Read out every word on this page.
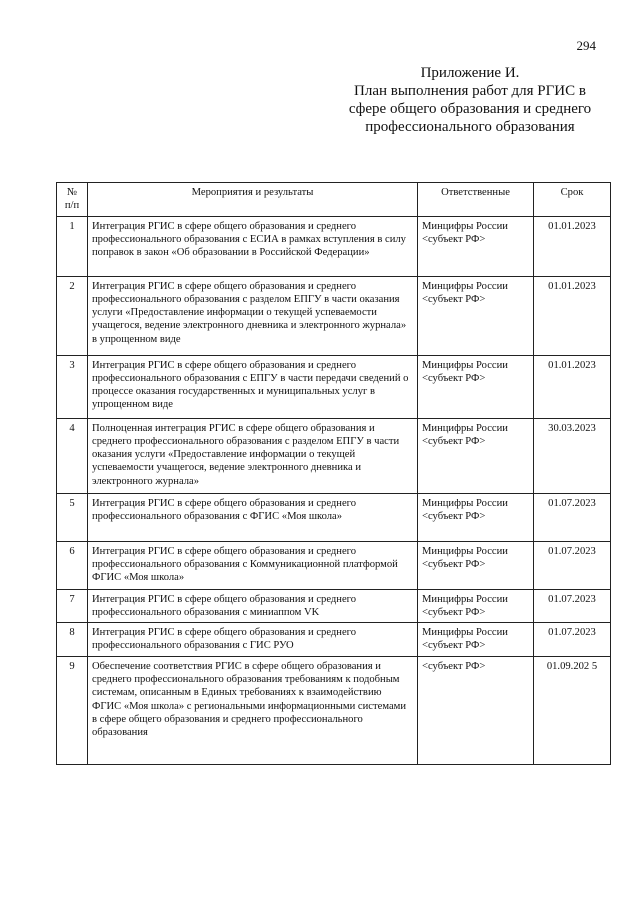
294
Приложение И.
План выполнения работ для РГИС в
сфере общего образования и среднего
профессионального образования
№
п/п	Мероприятия и результаты	Ответственные	Срок
1	Интеграция РГИС в сфере общего образования и среднего профессионального образования с ЕСИА в рамках вступления в силу поправок в закон «Об образовании в Российской Федерации»	Минцифры России <субъект РФ>	01.01.2023
2	Интеграция РГИС в сфере общего образования и среднего профессионального образования с разделом ЕПГУ в части оказания услуги «Предоставление информации о текущей успеваемости учащегося, ведение электронного дневника и электронного журнала» в упрощенном виде	Минцифры России <субъект РФ>	01.01.2023
3	Интеграция РГИС в сфере общего образования и среднего профессионального образования с ЕПГУ в части передачи сведений о процессе оказания государственных и муниципальных услуг в упрощенном виде	Минцифры России <субъект РФ>	01.01.2023
4	Полноценная интеграция РГИС в сфере общего образования и среднего профессионального образования с разделом ЕПГУ в части оказания услуги «Предоставление информации о текущей успеваемости учащегося, ведение электронного дневника и электронного журнала»	Минцифры России <субъект РФ>	30.03.2023
5	Интеграция РГИС в сфере общего образования и среднего профессионального образования с ФГИС «Моя школа»	Минцифры России <субъект РФ>	01.07.2023
6	Интеграция РГИС в сфере общего образования и среднего профессионального образования с Коммуникационной платформой ФГИС «Моя школа»	Минцифры России <субъект РФ>	01.07.2023
7	Интеграция РГИС в сфере общего образования и среднего профессионального образования с миниаппом VK	Минцифры России <субъект РФ>	01.07.2023
8	Интеграция РГИС в сфере общего образования и среднего профессионального образования с ГИС РУО	Минцифры России <субъект РФ>	01.07.2023
9	Обеспечение соответствия РГИС в сфере общего образования и среднего профессионального образования требованиям к подобным системам, описанным в Единых требованиях к взаимодействию ФГИС «Моя школа» с региональными информационными системами в сфере общего образования и среднего профессионального образования	<субъект РФ>	01.09.202 5
